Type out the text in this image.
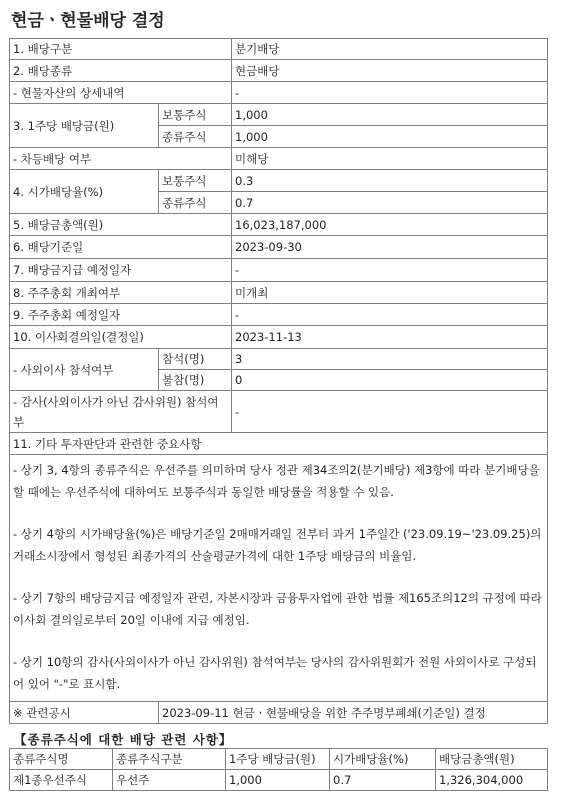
현금ㆍ현물배당 결정
1. 배당구분		분기배당
2. 배당종류		현금배당
- 현물자산의 상세내역		-
3. 1주당 배당금(원)	보통주식	1,000
	종류주식	1,000
- 차등배당 여부		미해당
4. 시가배당율(%)	보통주식	0.3
	종류주식	0.7
5. 배당금총액(원)		16,023,187,000
6. 배당기준일		2023-09-30
7. 배당금지급 예정일자		-
8. 주주총회 개최여부		미개최
9. 주주총회 예정일자		-
10. 이사회결의일(결정일)		2023-11-13
- 사외이사 참석여부	참석(명)	3
	불참(명)	0
- 감사(사외이사가 아닌 감사위원) 참석여부		-
11. 기타 투자판단과 관련한 중요사항		

- 상기 3, 4항의 종류주식은 우선주를 의미하며 당사 정관 제34조의2(분기배당) 제3항에 따라 분기배당을 할 때에는 우선주식에 대하여도 보통주식과 동일한 배당률을 적용할 수 있음.

- 상기 4항의 시가배당율(%)은 배당기준일 2매매거래일 전부터 과거 1주일간 ('23.09.19~'23.09.25)의 거래소시장에서 형성된 최종가격의 산술평균가격에 대한 1주당 배당금의 비율임.

- 상기 7항의 배당금지급 예정일자 관련, 자본시장과 금융투자업에 관한 법률 제165조의12의 규정에 따라 이사회 결의일로부터 20일 이내에 지급 예정임.

- 상기 10항의 감사(사외이사가 아닌 감사위원) 참석여부는 당사의 감사위원회가 전원 사외이사로 구성되어 있어 "-"로 표시함.		

※ 관련공시	2023-09-11 현금ㆍ현물배당을 위한 주주명부폐쇄(기준일) 결정	
【종류주식에 대한 배당 관련 사항】
종류주식명	종류주식구분	1주당 배당금(원)	시가배당율(%)	배당금총액(원)
제1종우선주식	우선주	1,000	0.7	1,326,304,000
